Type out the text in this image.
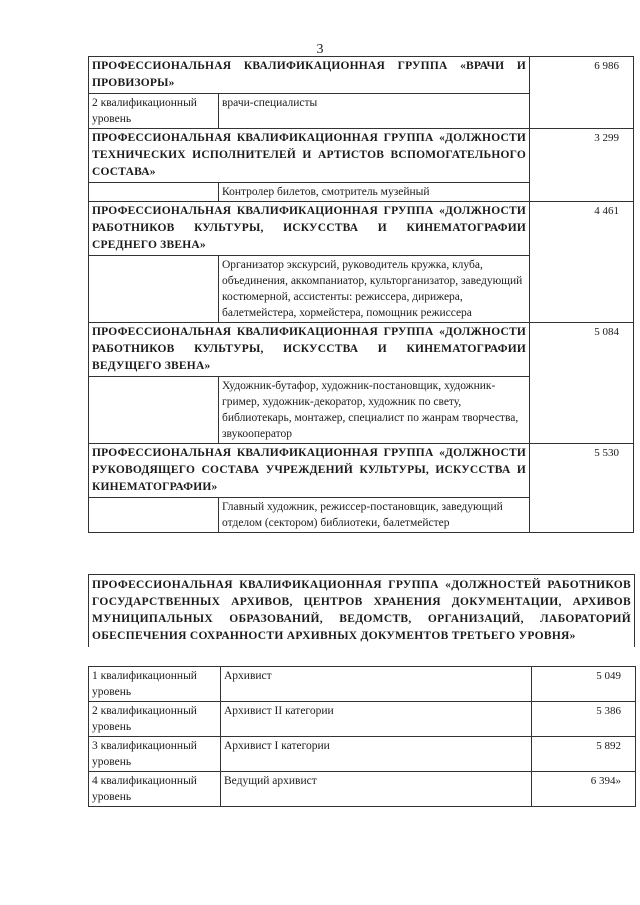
3
ПРОФЕССИОНАЛЬНАЯ КВАЛИФИКАЦИОННАЯ ГРУППА «ВРАЧИ И ПРОВИЗОРЫ»		6 986
2 квалификационный уровень	врачи-специалисты	
ПРОФЕССИОНАЛЬНАЯ КВАЛИФИКАЦИОННАЯ ГРУППА «ДОЛЖНОСТИ ТЕХНИЧЕСКИХ ИСПОЛНИТЕЛЕЙ И АРТИСТОВ ВСПОМОГАТЕЛЬНОГО СОСТАВА»		3 299
	Контролер билетов, смотритель музейный	
ПРОФЕССИОНАЛЬНАЯ КВАЛИФИКАЦИОННАЯ ГРУППА «ДОЛЖНОСТИ РАБОТНИКОВ КУЛЬТУРЫ, ИСКУССТВА И КИНЕМАТОГРАФИИ СРЕДНЕГО ЗВЕНА»		4 461
	Организатор экскурсий, руководитель кружка, клуба, объединения, аккомпаниатор, культорганизатор, заведующий костюмерной, ассистенты: режиссера, дирижера, балетмейстера, хормейстера, помощник режиссера	
ПРОФЕССИОНАЛЬНАЯ КВАЛИФИКАЦИОННАЯ ГРУППА «ДОЛЖНОСТИ РАБОТНИКОВ КУЛЬТУРЫ, ИСКУССТВА И КИНЕМАТОГРАФИИ ВЕДУЩЕГО ЗВЕНА»		5 084
	Художник-бутафор, художник-постановщик, художник-гример, художник-декоратор, художник по свету, библиотекарь, монтажер, специалист по жанрам творчества, звукооператор	
ПРОФЕССИОНАЛЬНАЯ КВАЛИФИКАЦИОННАЯ ГРУППА «ДОЛЖНОСТИ РУКОВОДЯЩЕГО СОСТАВА УЧРЕЖДЕНИЙ КУЛЬТУРЫ, ИСКУССТВА И КИНЕМАТОГРАФИИ»		5 530
	Главный художник, режиссер-постановщик, заведующий отделом (сектором) библиотеки, балетмейстер	
ПРОФЕССИОНАЛЬНАЯ КВАЛИФИКАЦИОННАЯ ГРУППА «ДОЛЖНОСТЕЙ РАБОТНИКОВ ГОСУДАРСТВЕННЫХ АРХИВОВ, ЦЕНТРОВ ХРАНЕНИЯ ДОКУМЕНТАЦИИ, АРХИВОВ МУНИЦИПАЛЬНЫХ ОБРАЗОВАНИЙ, ВЕДОМСТВ, ОРГАНИЗАЦИЙ, ЛАБОРАТОРИЙ ОБЕСПЕЧЕНИЯ СОХРАННОСТИ АРХИВНЫХ ДОКУМЕНТОВ ТРЕТЬЕГО УРОВНЯ»
1 квалификационный уровень	Архивист	5 049
2 квалификационный уровень	Архивист II категории	5 386
3 квалификационный уровень	Архивист I категории	5 892
4 квалификационный уровень	Ведущий архивист	6 394»
